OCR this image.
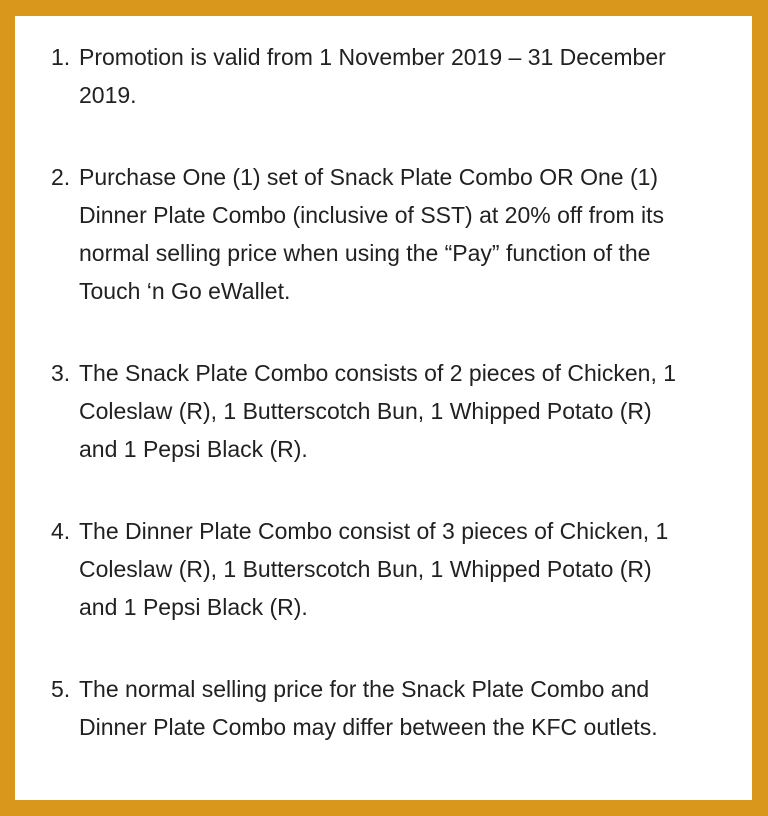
1. Promotion is valid from 1 November 2019 – 31 December 2019.
2. Purchase One (1) set of Snack Plate Combo OR One (1) Dinner Plate Combo (inclusive of SST) at 20% off from its normal selling price when using the “Pay” function of the Touch ‘n Go eWallet.
3. The Snack Plate Combo consists of 2 pieces of Chicken, 1 Coleslaw (R), 1 Butterscotch Bun, 1 Whipped Potato (R) and 1 Pepsi Black (R).
4. The Dinner Plate Combo consist of 3 pieces of Chicken, 1 Coleslaw (R), 1 Butterscotch Bun, 1 Whipped Potato (R) and 1 Pepsi Black (R).
5. The normal selling price for the Snack Plate Combo and Dinner Plate Combo may differ between the KFC outlets.
